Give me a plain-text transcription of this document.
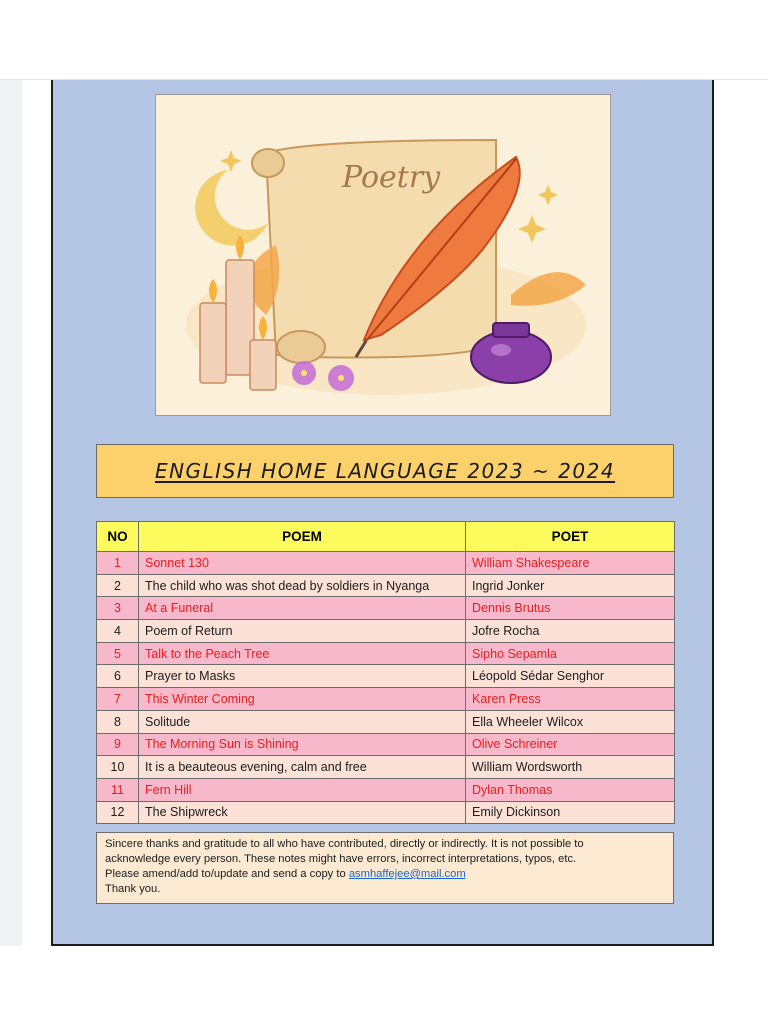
Poetry
ENGLISH HOME LANGUAGE 2023 ~ 2024
NO	POEM	POET
1	Sonnet 130	William Shakespeare
2	The child who was shot dead by soldiers in Nyanga	Ingrid Jonker
3	At a Funeral	Dennis Brutus
4	Poem of Return	Jofre Rocha
5	Talk to the Peach Tree	Sipho Sepamla
6	Prayer to Masks	Léopold Sédar Senghor
7	This Winter Coming	Karen Press
8	Solitude	Ella Wheeler Wilcox
9	The Morning Sun is Shining	Olive Schreiner
10	It is a beauteous evening, calm and free	William Wordsworth
11	Fern Hill	Dylan Thomas
12	The Shipwreck	Emily Dickinson
Sincere thanks and gratitude to all who have contributed, directly or indirectly. It is not possible to
acknowledge every person. These notes might have errors, incorrect interpretations, typos, etc.
Please amend/add to/update and send a copy to asmhaffejee@mail.com
Thank you.
